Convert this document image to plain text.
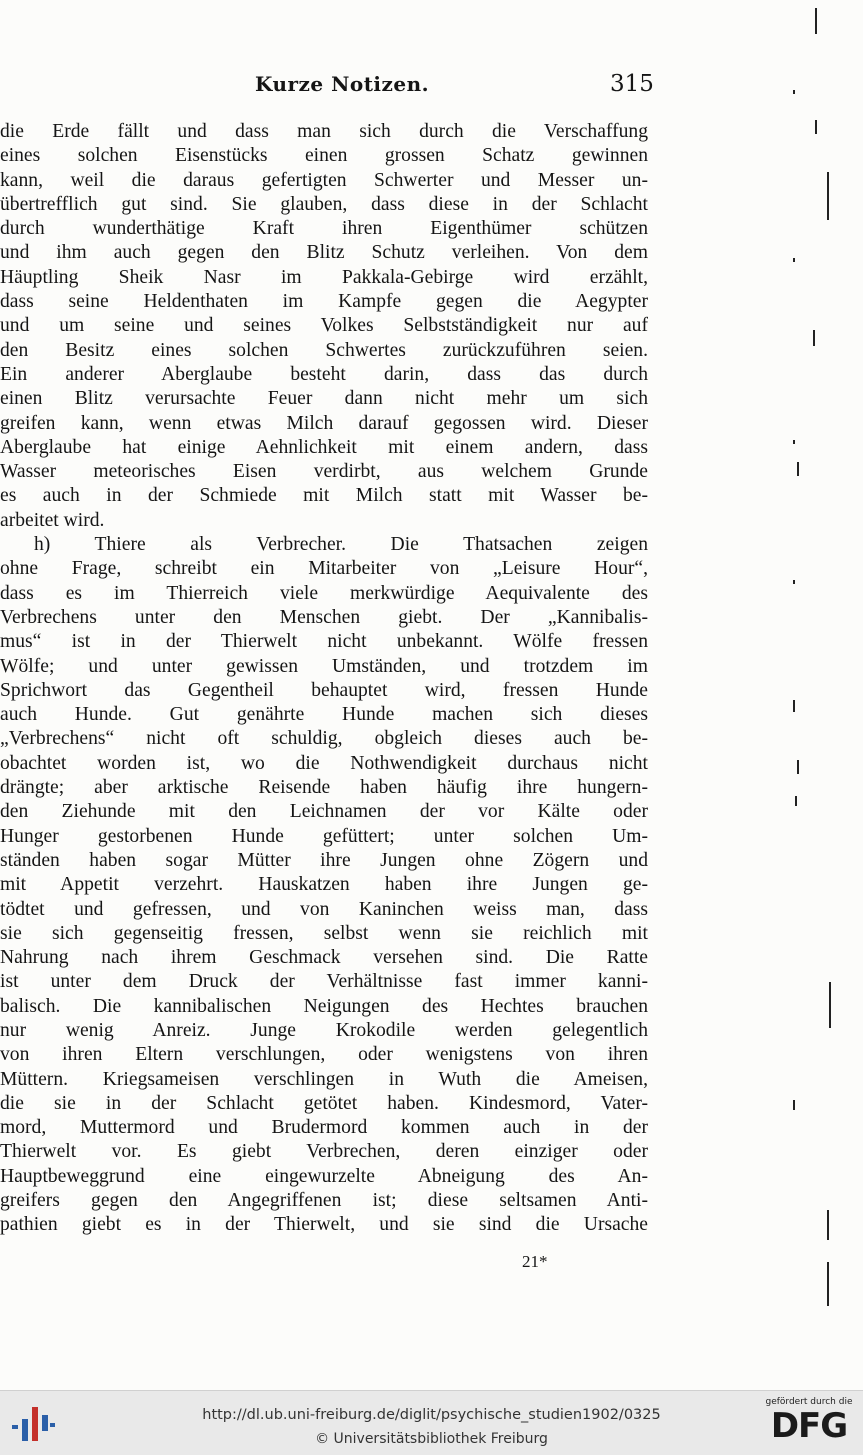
Kurze Notizen.	315
die Erde fällt und dass man sich durch die Verschaffung
eines solchen Eisenstücks einen grossen Schatz gewinnen
kann, weil die daraus gefertigten Schwerter und Messer un-
übertrefflich gut sind. Sie glauben, dass diese in der Schlacht
durch wunderthätige Kraft ihren Eigenthümer schützen
und ihm auch gegen den Blitz Schutz verleihen. Von dem
Häuptling Sheik Nasr im Pakkala-Gebirge wird erzählt,
dass seine Heldenthaten im Kampfe gegen die Aegypter
und um seine und seines Volkes Selbstständigkeit nur auf
den Besitz eines solchen Schwertes zurückzuführen seien.
Ein anderer Aberglaube besteht darin, dass das durch
einen Blitz verursachte Feuer dann nicht mehr um sich
greifen kann, wenn etwas Milch darauf gegossen wird. Dieser
Aberglaube hat einige Aehnlichkeit mit einem andern, dass
Wasser meteorisches Eisen verdirbt, aus welchem Grunde
es auch in der Schmiede mit Milch statt mit Wasser be-
arbeitet wird.
h) Thiere als Verbrecher. Die Thatsachen zeigen
ohne Frage, schreibt ein Mitarbeiter von „Leisure Hour“,
dass es im Thierreich viele merkwürdige Aequivalente des
Verbrechens unter den Menschen giebt. Der „Kannibalis-
mus“ ist in der Thierwelt nicht unbekannt. Wölfe fressen
Wölfe; und unter gewissen Umständen, und trotzdem im
Sprichwort das Gegentheil behauptet wird, fressen Hunde
auch Hunde. Gut genährte Hunde machen sich dieses
„Verbrechens“ nicht oft schuldig, obgleich dieses auch be-
obachtet worden ist, wo die Nothwendigkeit durchaus nicht
drängte; aber arktische Reisende haben häufig ihre hungern-
den Ziehunde mit den Leichnamen der vor Kälte oder
Hunger gestorbenen Hunde gefüttert; unter solchen Um-
ständen haben sogar Mütter ihre Jungen ohne Zögern und
mit Appetit verzehrt. Hauskatzen haben ihre Jungen ge-
tödtet und gefressen, und von Kaninchen weiss man, dass
sie sich gegenseitig fressen, selbst wenn sie reichlich mit
Nahrung nach ihrem Geschmack versehen sind. Die Ratte
ist unter dem Druck der Verhältnisse fast immer kanni-
balisch. Die kannibalischen Neigungen des Hechtes brauchen
nur wenig Anreiz. Junge Krokodile werden gelegentlich
von ihren Eltern verschlungen, oder wenigstens von ihren
Müttern. Kriegsameisen verschlingen in Wuth die Ameisen,
die sie in der Schlacht getötet haben. Kindesmord, Vater-
mord, Muttermord und Brudermord kommen auch in der
Thierwelt vor. Es giebt Verbrechen, deren einziger oder
Hauptbeweggrund eine eingewurzelte Abneigung des An-
greifers gegen den Angegriffenen ist; diese seltsamen Anti-
pathien giebt es in der Thierwelt, und sie sind die Ursache
21*
http://dl.ub.uni-freiburg.de/diglit/psychische_studien1902/0325
© Universitätsbibliothek Freiburg
gefördert durch die
DFG
